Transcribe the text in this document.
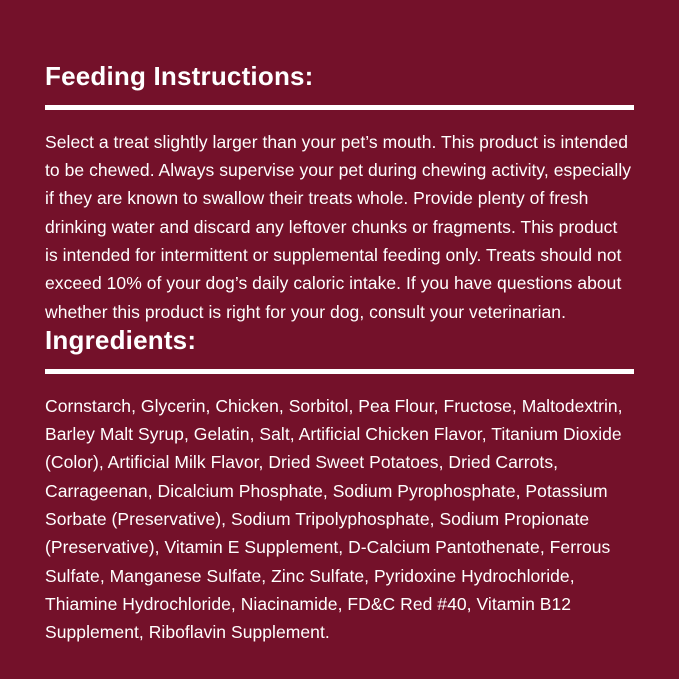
Feeding Instructions:

Select a treat slightly larger than your pet’s mouth. This product is intended to be chewed. Always supervise your pet during chewing activity, especially if they are known to swallow their treats whole. Provide plenty of fresh drinking water and discard any leftover chunks or fragments. This product is intended for intermittent or supplemental feeding only. Treats should not exceed 10% of your dog’s daily caloric intake. If you have questions about whether this product is right for your dog, consult your veterinarian.

Ingredients:

Cornstarch, Glycerin, Chicken, Sorbitol, Pea Flour, Fructose, Maltodextrin, Barley Malt Syrup, Gelatin, Salt, Artificial Chicken Flavor, Titanium Dioxide (Color), Artificial Milk Flavor, Dried Sweet Potatoes, Dried Carrots, Carrageenan, Dicalcium Phosphate, Sodium Pyrophosphate, Potassium Sorbate (Preservative), Sodium Tripolyphosphate, Sodium Propionate (Preservative), Vitamin E Supplement, D-Calcium Pantothenate, Ferrous Sulfate, Manganese Sulfate, Zinc Sulfate, Pyridoxine Hydrochloride, Thiamine Hydrochloride, Niacinamide, FD&C Red #40, Vitamin B12 Supplement, Riboflavin Supplement.
